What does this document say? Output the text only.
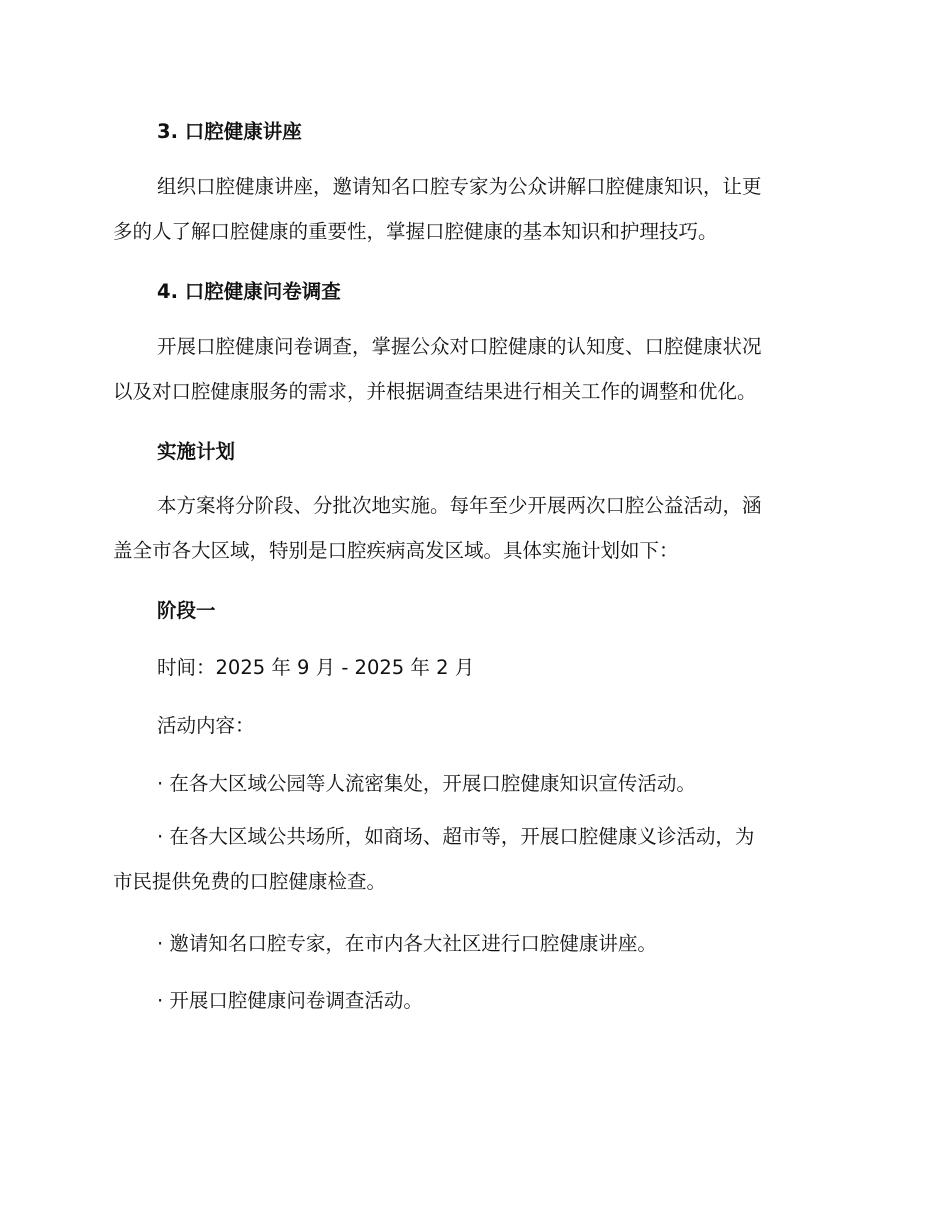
3. 口腔健康讲座
组织口腔健康讲座，邀请知名口腔专家为公众讲解口腔健康知识，让更
多的人了解口腔健康的重要性，掌握口腔健康的基本知识和护理技巧。
4. 口腔健康问卷调查
开展口腔健康问卷调查，掌握公众对口腔健康的认知度、口腔健康状况
以及对口腔健康服务的需求，并根据调查结果进行相关工作的调整和优化。
实施计划
本方案将分阶段、分批次地实施。每年至少开展两次口腔公益活动，涵
盖全市各大区域，特别是口腔疾病高发区域。具体实施计划如下：
阶段一
时间：2025 年 9 月 - 2025 年 2 月
活动内容：
· 在各大区域公园等人流密集处，开展口腔健康知识宣传活动。
· 在各大区域公共场所，如商场、超市等，开展口腔健康义诊活动，为
市民提供免费的口腔健康检查。
· 邀请知名口腔专家，在市内各大社区进行口腔健康讲座。
· 开展口腔健康问卷调查活动。
